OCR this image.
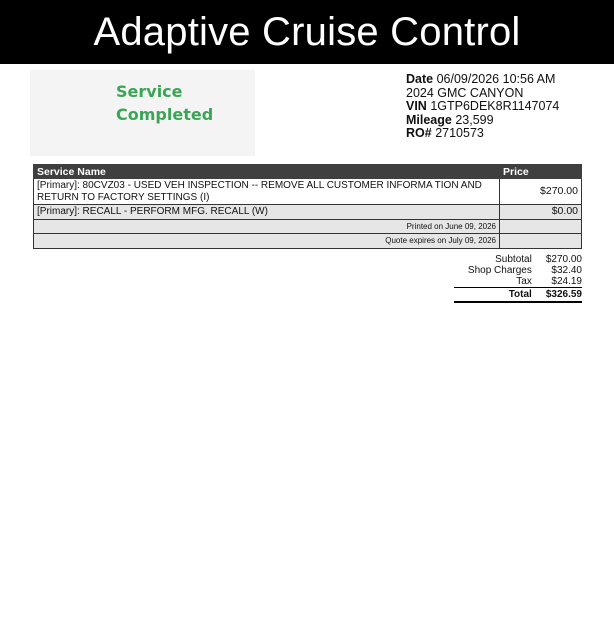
Adaptive Cruise Control
Service
Completed
Date 06/09/2026 10:56 AM
2024 GMC CANYON
VIN 1GTP6DEK8R1147074
Mileage 23,599
RO# 2710573
Service Name	Price
[Primary]: 80CVZ03 - USED VEH INSPECTION -- REMOVE ALL CUSTOMER INFORMA TION AND RETURN TO FACTORY SETTINGS (I)	$270.00
[Primary]: RECALL - PERFORM MFG. RECALL (W)	$0.00
Printed on June 09, 2026	
Quote expires on July 09, 2026	
Subtotal	$270.00
Shop Charges	$32.40
Tax	$24.19
Total	$326.59
